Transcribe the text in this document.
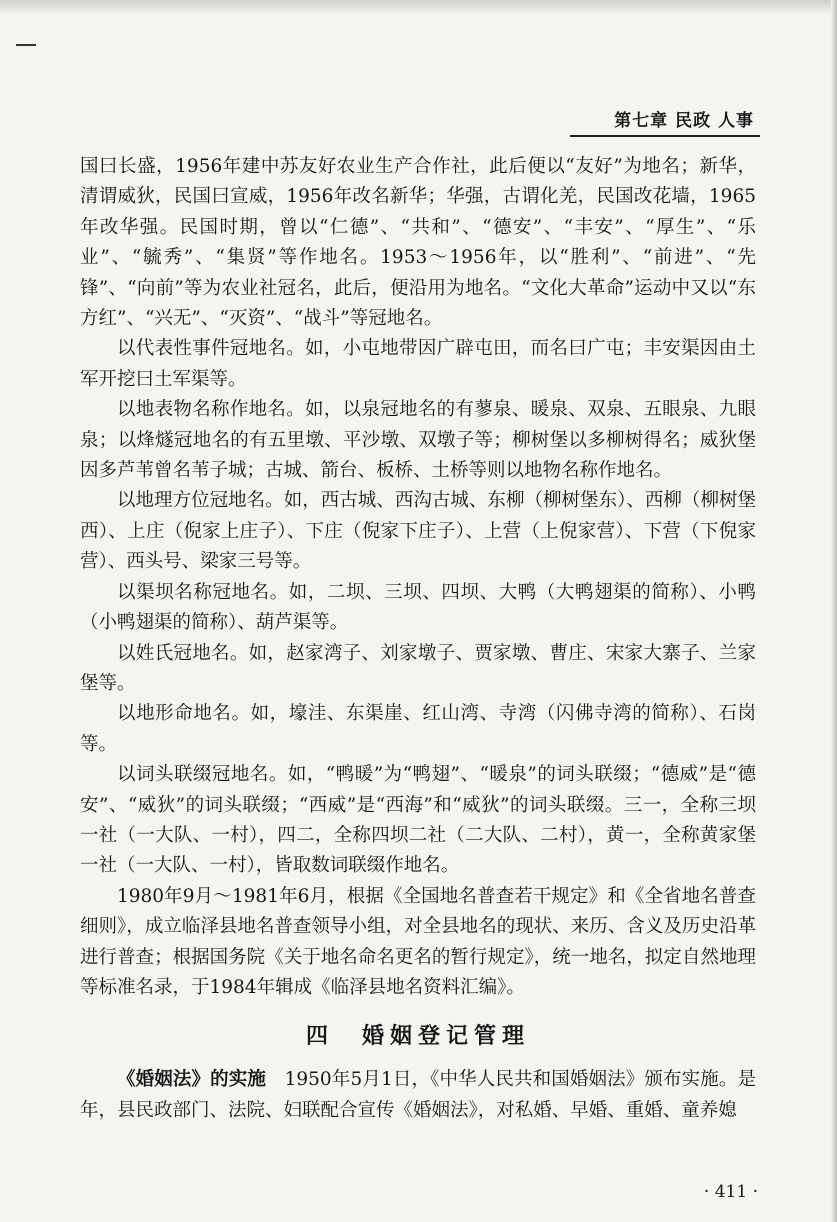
第七章 民政 人事

国曰长盛，1956年建中苏友好农业生产合作社，此后便以“友好”为地名；新华，清谓威狄，民国曰宣威，1956年改名新华；华强，古谓化羌，民国改花墙，1965年改华强。民国时期，曾以“仁德”、“共和”、“德安”、“丰安”、“厚生”、“乐业”、“毓秀”、“集贤”等作地名。1953～1956年，以“胜利”、“前进”、“先锋”、“向前”等为农业社冠名，此后，便沿用为地名。“文化大革命”运动中又以“东方红”、“兴无”、“灭资”、“战斗”等冠地名。

以代表性事件冠地名。如，小屯地带因广辟屯田，而名曰广屯；丰安渠因由土军开挖曰土军渠等。

以地表物名称作地名。如，以泉冠地名的有蓼泉、暖泉、双泉、五眼泉、九眼泉；以烽燧冠地名的有五里墩、平沙墩、双墩子等；柳树堡以多柳树得名；威狄堡因多芦苇曾名苇子城；古城、箭台、板桥、土桥等则以地物名称作地名。

以地理方位冠地名。如，西古城、西沟古城、东柳（柳树堡东）、西柳（柳树堡西）、上庄（倪家上庄子）、下庄（倪家下庄子）、上营（上倪家营）、下营（下倪家营）、西头号、梁家三号等。

以渠坝名称冠地名。如，二坝、三坝、四坝、大鸭（大鸭翅渠的简称）、小鸭（小鸭翅渠的简称）、葫芦渠等。

以姓氏冠地名。如，赵家湾子、刘家墩子、贾家墩、曹庄、宋家大寨子、兰家堡等。

以地形命地名。如，壕洼、东渠崖、红山湾、寺湾（闪佛寺湾的简称）、石岗等。

以词头联缀冠地名。如，“鸭暖”为“鸭翅”、“暖泉”的词头联缀；“德威”是“德安”、“威狄”的词头联缀；“西威”是“西海”和“威狄”的词头联缀。三一，全称三坝一社（一大队、一村），四二，全称四坝二社（二大队、二村），黄一，全称黄家堡一社（一大队、一村），皆取数词联缀作地名。

1980年9月～1981年6月，根据《全国地名普查若干规定》和《全省地名普查细则》，成立临泽县地名普查领导小组，对全县地名的现状、来历、含义及历史沿革进行普查；根据国务院《关于地名命名更名的暂行规定》，统一地名，拟定自然地理等标准名录，于1984年辑成《临泽县地名资料汇编》。

四　婚姻登记管理

《婚姻法》的实施　1950年5月1日，《中华人民共和国婚姻法》颁布实施。是年，县民政部门、法院、妇联配合宣传《婚姻法》，对私婚、早婚、重婚、童养媳

· 411 ·
